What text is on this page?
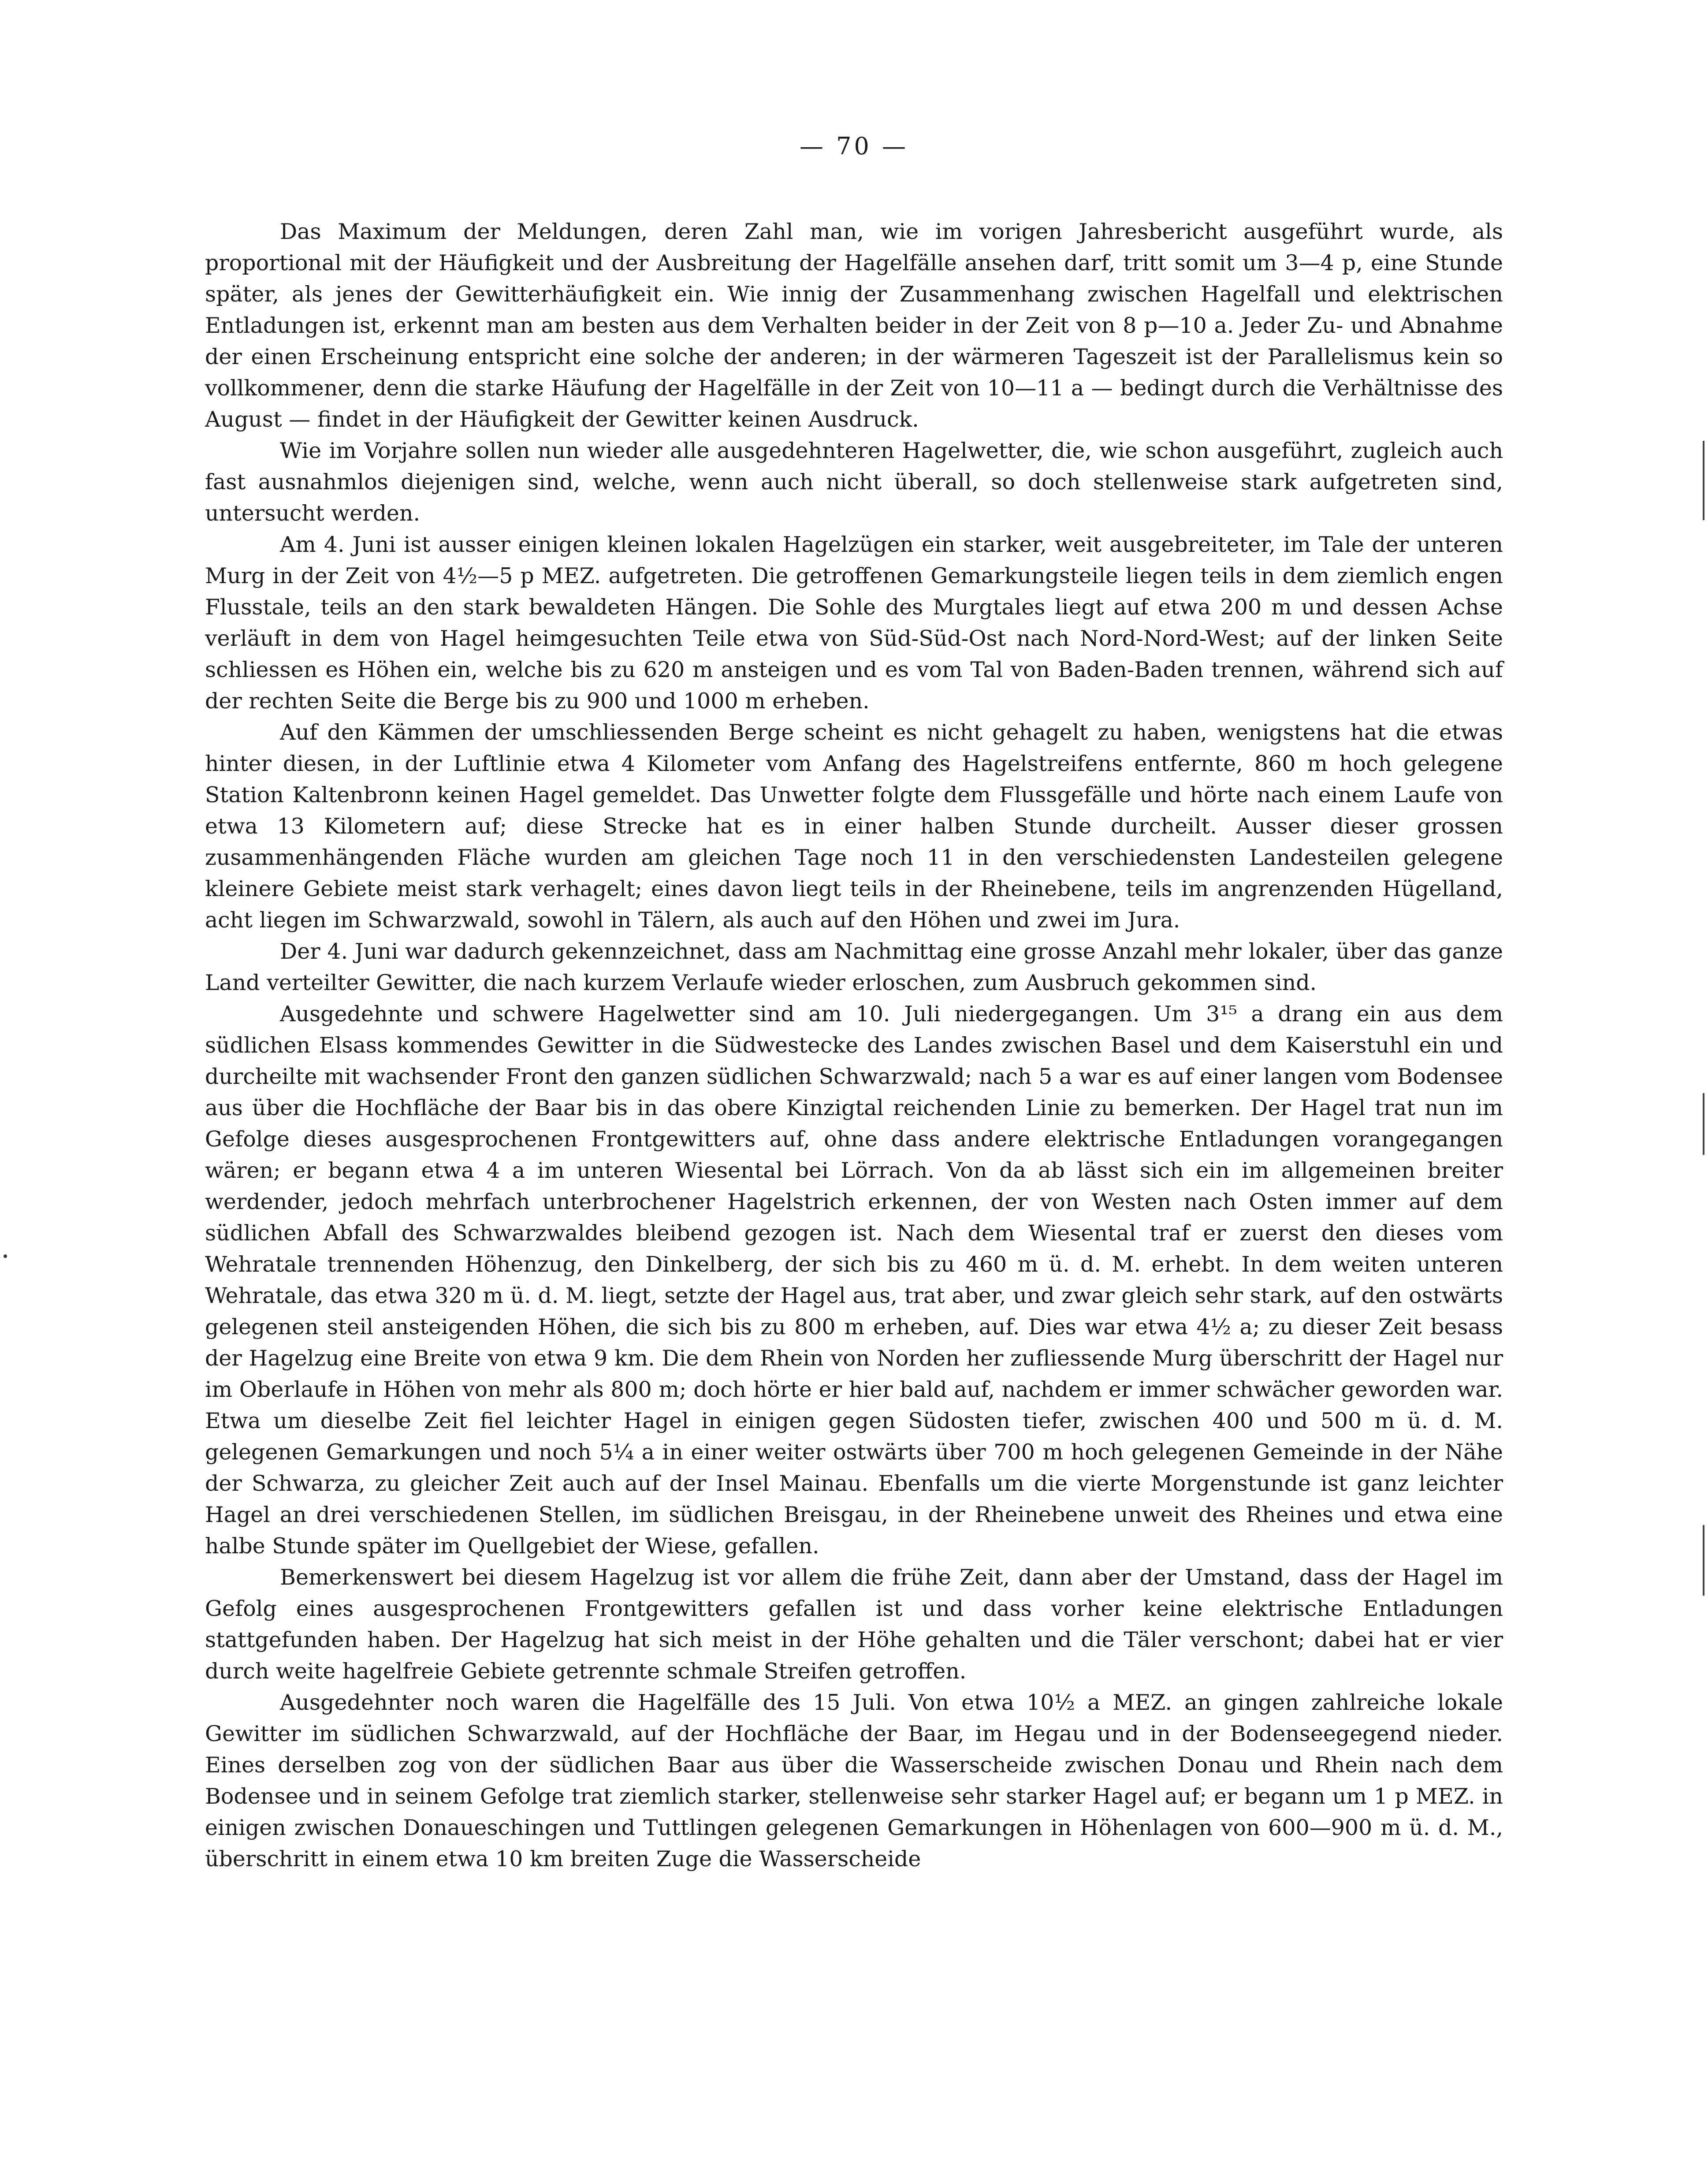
— 70 —

Das Maximum der Meldungen, deren Zahl man, wie im vorigen Jahresbericht ausgeführt wurde, als proportional mit der Häufigkeit und der Ausbreitung der Hagelfälle ansehen darf, tritt somit um 3—4 p, eine Stunde später, als jenes der Gewitterhäufigkeit ein. Wie innig der Zusammenhang zwischen Hagelfall und elektrischen Entladungen ist, erkennt man am besten aus dem Verhalten beider in der Zeit von 8 p—10 a. Jeder Zu- und Abnahme der einen Erscheinung entspricht eine solche der anderen; in der wärmeren Tageszeit ist der Parallelismus kein so vollkommener, denn die starke Häufung der Hagelfälle in der Zeit von 10—11 a — bedingt durch die Verhältnisse des August — findet in der Häufigkeit der Gewitter keinen Ausdruck.

Wie im Vorjahre sollen nun wieder alle ausgedehnteren Hagelwetter, die, wie schon ausgeführt, zugleich auch fast ausnahmlos diejenigen sind, welche, wenn auch nicht überall, so doch stellenweise stark aufgetreten sind, untersucht werden.

Am 4. Juni ist ausser einigen kleinen lokalen Hagelzügen ein starker, weit ausgebreiteter, im Tale der unteren Murg in der Zeit von 4½—5 p MEZ. aufgetreten. Die getroffenen Gemarkungsteile liegen teils in dem ziemlich engen Flusstale, teils an den stark bewaldeten Hängen. Die Sohle des Murgtales liegt auf etwa 200 m und dessen Achse verläuft in dem von Hagel heimgesuchten Teile etwa von Süd-Süd-Ost nach Nord-Nord-West; auf der linken Seite schliessen es Höhen ein, welche bis zu 620 m ansteigen und es vom Tal von Baden-Baden trennen, während sich auf der rechten Seite die Berge bis zu 900 und 1000 m erheben.

Auf den Kämmen der umschliessenden Berge scheint es nicht gehagelt zu haben, wenigstens hat die etwas hinter diesen, in der Luftlinie etwa 4 Kilometer vom Anfang des Hagelstreifens entfernte, 860 m hoch gelegene Station Kaltenbronn keinen Hagel gemeldet. Das Unwetter folgte dem Flussgefälle und hörte nach einem Laufe von etwa 13 Kilometern auf; diese Strecke hat es in einer halben Stunde durcheilt. Ausser dieser grossen zusammenhängenden Fläche wurden am gleichen Tage noch 11 in den verschiedensten Landesteilen gelegene kleinere Gebiete meist stark verhagelt; eines davon liegt teils in der Rheinebene, teils im angrenzenden Hügelland, acht liegen im Schwarzwald, sowohl in Tälern, als auch auf den Höhen und zwei im Jura.

Der 4. Juni war dadurch gekennzeichnet, dass am Nachmittag eine grosse Anzahl mehr lokaler, über das ganze Land verteilter Gewitter, die nach kurzem Verlaufe wieder erloschen, zum Ausbruch gekommen sind.

Ausgedehnte und schwere Hagelwetter sind am 10. Juli niedergegangen. Um 3¹⁵ a drang ein aus dem südlichen Elsass kommendes Gewitter in die Südwestecke des Landes zwischen Basel und dem Kaiserstuhl ein und durcheilte mit wachsender Front den ganzen südlichen Schwarzwald; nach 5 a war es auf einer langen vom Bodensee aus über die Hochfläche der Baar bis in das obere Kinzigtal reichenden Linie zu bemerken. Der Hagel trat nun im Gefolge dieses ausgesprochenen Frontgewitters auf, ohne dass andere elektrische Entladungen vorangegangen wären; er begann etwa 4 a im unteren Wiesental bei Lörrach. Von da ab lässt sich ein im allgemeinen breiter werdender, jedoch mehrfach unterbrochener Hagelstrich erkennen, der von Westen nach Osten immer auf dem südlichen Abfall des Schwarzwaldes bleibend gezogen ist. Nach dem Wiesental traf er zuerst den dieses vom Wehratale trennenden Höhenzug, den Dinkelberg, der sich bis zu 460 m ü. d. M. erhebt. In dem weiten unteren Wehratale, das etwa 320 m ü. d. M. liegt, setzte der Hagel aus, trat aber, und zwar gleich sehr stark, auf den ostwärts gelegenen steil ansteigenden Höhen, die sich bis zu 800 m erheben, auf. Dies war etwa 4½ a; zu dieser Zeit besass der Hagelzug eine Breite von etwa 9 km. Die dem Rhein von Norden her zufliessende Murg überschritt der Hagel nur im Oberlaufe in Höhen von mehr als 800 m; doch hörte er hier bald auf, nachdem er immer schwächer geworden war. Etwa um dieselbe Zeit fiel leichter Hagel in einigen gegen Südosten tiefer, zwischen 400 und 500 m ü. d. M. gelegenen Gemarkungen und noch 5¼ a in einer weiter ostwärts über 700 m hoch gelegenen Gemeinde in der Nähe der Schwarza, zu gleicher Zeit auch auf der Insel Mainau. Ebenfalls um die vierte Morgenstunde ist ganz leichter Hagel an drei verschiedenen Stellen, im südlichen Breisgau, in der Rheinebene unweit des Rheines und etwa eine halbe Stunde später im Quellgebiet der Wiese, gefallen.

Bemerkenswert bei diesem Hagelzug ist vor allem die frühe Zeit, dann aber der Umstand, dass der Hagel im Gefolg eines ausgesprochenen Frontgewitters gefallen ist und dass vorher keine elektrische Entladungen stattgefunden haben. Der Hagelzug hat sich meist in der Höhe gehalten und die Täler verschont; dabei hat er vier durch weite hagelfreie Gebiete getrennte schmale Streifen getroffen.

Ausgedehnter noch waren die Hagelfälle des 15 Juli. Von etwa 10½ a MEZ. an gingen zahlreiche lokale Gewitter im südlichen Schwarzwald, auf der Hochfläche der Baar, im Hegau und in der Bodenseegegend nieder. Eines derselben zog von der südlichen Baar aus über die Wasserscheide zwischen Donau und Rhein nach dem Bodensee und in seinem Gefolge trat ziemlich starker, stellenweise sehr starker Hagel auf; er begann um 1 p MEZ. in einigen zwischen Donaueschingen und Tuttlingen gelegenen Gemarkungen in Höhenlagen von 600—900 m ü. d. M., überschritt in einem etwa 10 km breiten Zuge die Wasserscheide
